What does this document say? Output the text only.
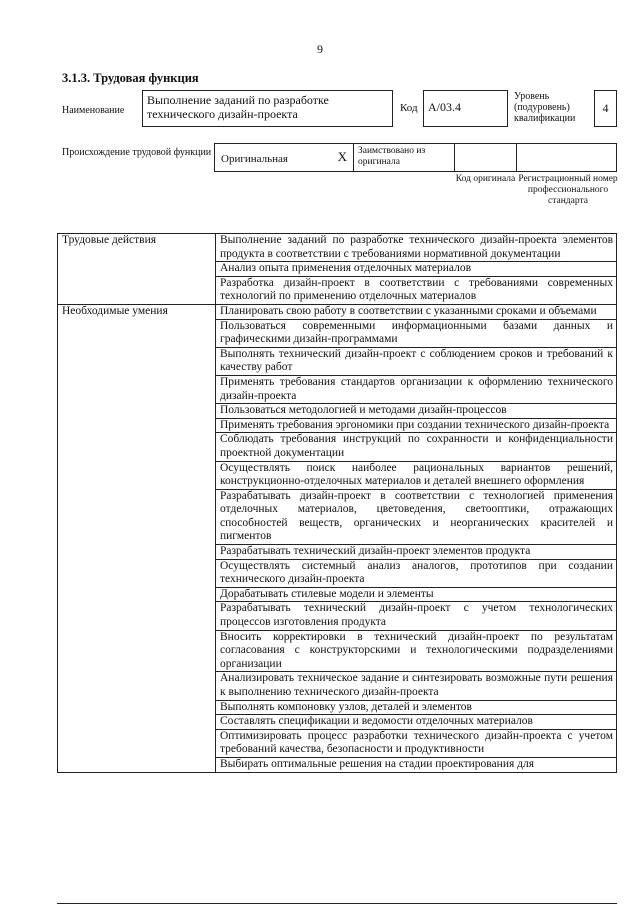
9
3.1.3. Трудовая функция
Наименование
Выполнение заданий по разработке технического дизайн-проекта	Код A/03.4
Уровень (подуровень) квалификации
4
Происхождение трудовой функции
Оригинальная	X	Заимствовано из оригинала
Код оригинала Регистрационный номер профессионального стандарта
Трудовые действия	Выполнение заданий по разработке технического дизайн-проекта элементов продукта в соответствии с требованиями нормативной документации
	Анализ опыта применения отделочных материалов
	Разработка дизайн-проект в соответствии с требованиями современных технологий по применению отделочных материалов
Необходимые умения	Планировать свою работу в соответствии с указанными сроками и объемами
	Пользоваться современными информационными базами данных и графическими дизайн-программами
	Выполнять технический дизайн-проект с соблюдением сроков и требований к качеству работ
	Применять требования стандартов организации к оформлению технического дизайн-проекта
	Пользоваться методологией и методами дизайн-процессов
	Применять требования эргономики при создании технического дизайн-проекта
	Соблюдать требования инструкций по сохранности и конфиденциальности проектной документации
	Осуществлять поиск наиболее рациональных вариантов решений, конструкционно-отделочных материалов и деталей внешнего оформления
	Разрабатывать дизайн-проект в соответствии с технологией применения отделочных материалов, цветоведения, светооптики, отражающих способностей веществ, органических и неорганических красителей и пигментов
	Разрабатывать технический дизайн-проект элементов продукта
	Осуществлять системный анализ аналогов, прототипов при создании технического дизайн-проекта
	Дорабатывать стилевые модели и элементы
	Разрабатывать технический дизайн-проект с учетом технологических процессов изготовления продукта
	Вносить корректировки в технический дизайн-проект по результатам согласования с конструкторскими и технологическими подразделениями организации
	Анализировать техническое задание и синтезировать возможные пути решения к выполнению технического дизайн-проекта
	Выполнять компоновку узлов, деталей и элементов
	Составлять спецификации и ведомости отделочных материалов
	Оптимизировать процесс разработки технического дизайн-проекта с учетом требований качества, безопасности и продуктивности
	Выбирать оптимальные решения на стадии проектирования для
